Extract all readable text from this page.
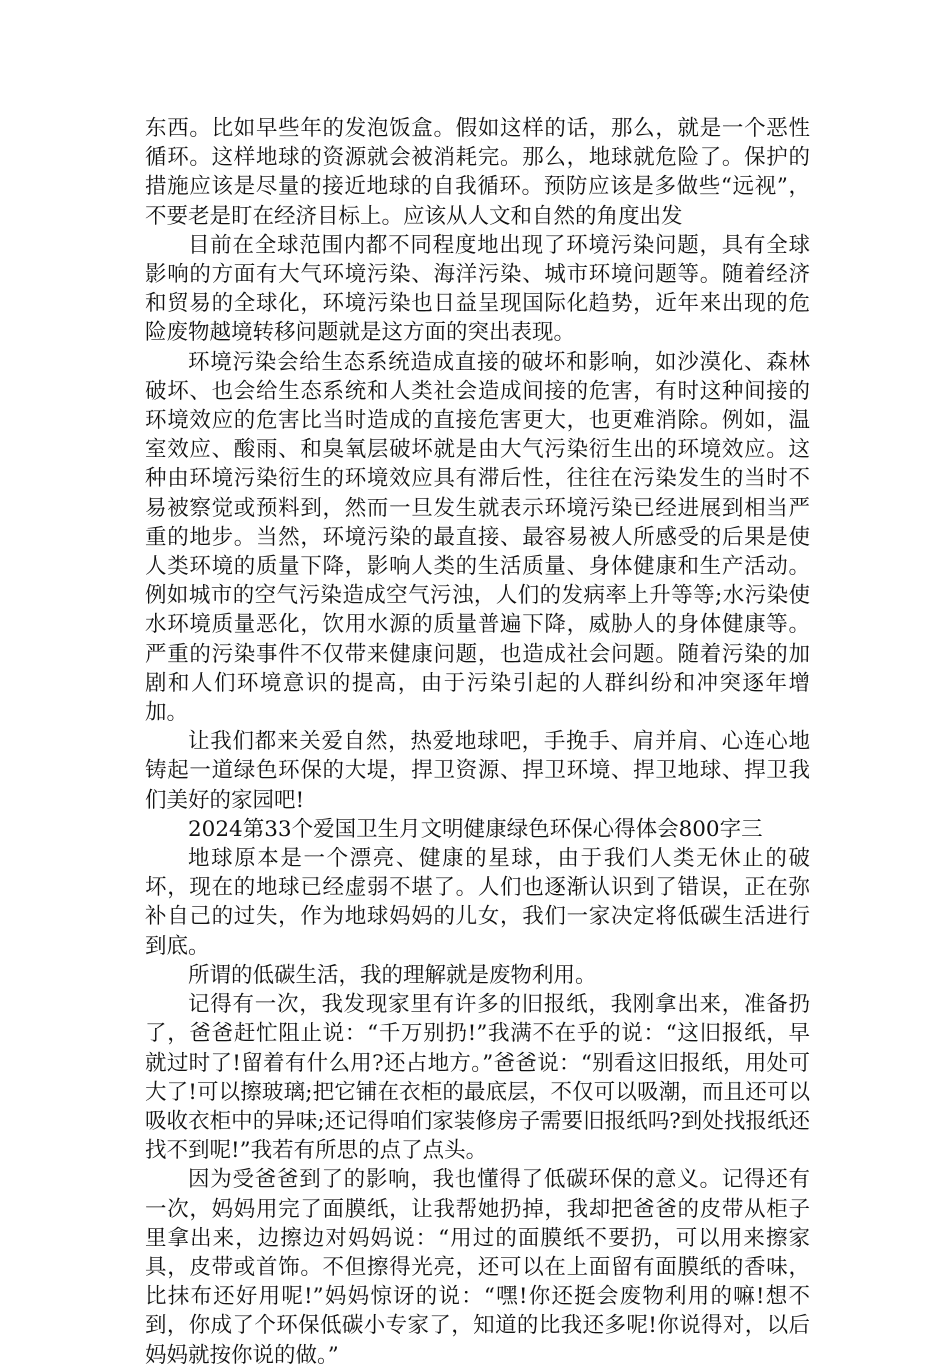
东西。比如早些年的发泡饭盒。假如这样的话，那么，就是一个恶性循环。这样地球的资源就会被消耗完。那么，地球就危险了。保护的措施应该是尽量的接近地球的自我循环。预防应该是多做些“远视”，不要老是盯在经济目标上。应该从人文和自然的角度出发

目前在全球范围内都不同程度地出现了环境污染问题，具有全球影响的方面有大气环境污染、海洋污染、城市环境问题等。随着经济和贸易的全球化，环境污染也日益呈现国际化趋势，近年来出现的危险废物越境转移问题就是这方面的突出表现。

环境污染会给生态系统造成直接的破坏和影响，如沙漠化、森林破坏、也会给生态系统和人类社会造成间接的危害，有时这种间接的环境效应的危害比当时造成的直接危害更大，也更难消除。例如，温室效应、酸雨、和臭氧层破坏就是由大气污染衍生出的环境效应。这种由环境污染衍生的环境效应具有滞后性，往往在污染发生的当时不易被察觉或预料到，然而一旦发生就表示环境污染已经进展到相当严重的地步。当然，环境污染的最直接、最容易被人所感受的后果是使人类环境的质量下降，影响人类的生活质量、身体健康和生产活动。例如城市的空气污染造成空气污浊，人们的发病率上升等等;水污染使水环境质量恶化，饮用水源的质量普遍下降，威胁人的身体健康等。严重的污染事件不仅带来健康问题，也造成社会问题。随着污染的加剧和人们环境意识的提高，由于污染引起的人群纠纷和冲突逐年增加。

让我们都来关爱自然，热爱地球吧，手挽手、肩并肩、心连心地铸起一道绿色环保的大堤，捍卫资源、捍卫环境、捍卫地球、捍卫我们美好的家园吧!

2024第33个爱国卫生月文明健康绿色环保心得体会800字三

地球原本是一个漂亮、健康的星球，由于我们人类无休止的破坏，现在的地球已经虚弱不堪了。人们也逐渐认识到了错误，正在弥补自己的过失，作为地球妈妈的儿女，我们一家决定将低碳生活进行到底。

所谓的低碳生活，我的理解就是废物利用。

记得有一次，我发现家里有许多的旧报纸，我刚拿出来，准备扔了，爸爸赶忙阻止说：“千万别扔!”我满不在乎的说：“这旧报纸，早就过时了!留着有什么用?还占地方。”爸爸说：“别看这旧报纸，用处可大了!可以擦玻璃;把它铺在衣柜的最底层，不仅可以吸潮，而且还可以吸收衣柜中的异味;还记得咱们家装修房子需要旧报纸吗?到处找报纸还找不到呢!”我若有所思的点了点头。

因为受爸爸到了的影响，我也懂得了低碳环保的意义。记得还有一次，妈妈用完了面膜纸，让我帮她扔掉，我却把爸爸的皮带从柜子里拿出来，边擦边对妈妈说：“用过的面膜纸不要扔，可以用来擦家具，皮带或首饰。不但擦得光亮，还可以在上面留有面膜纸的香味，比抹布还好用呢!”妈妈惊讶的说：“嘿!你还挺会废物利用的嘛!想不到，你成了个环保低碳小专家了，知道的比我还多呢!你说得对，以后妈妈就按你说的做。”
